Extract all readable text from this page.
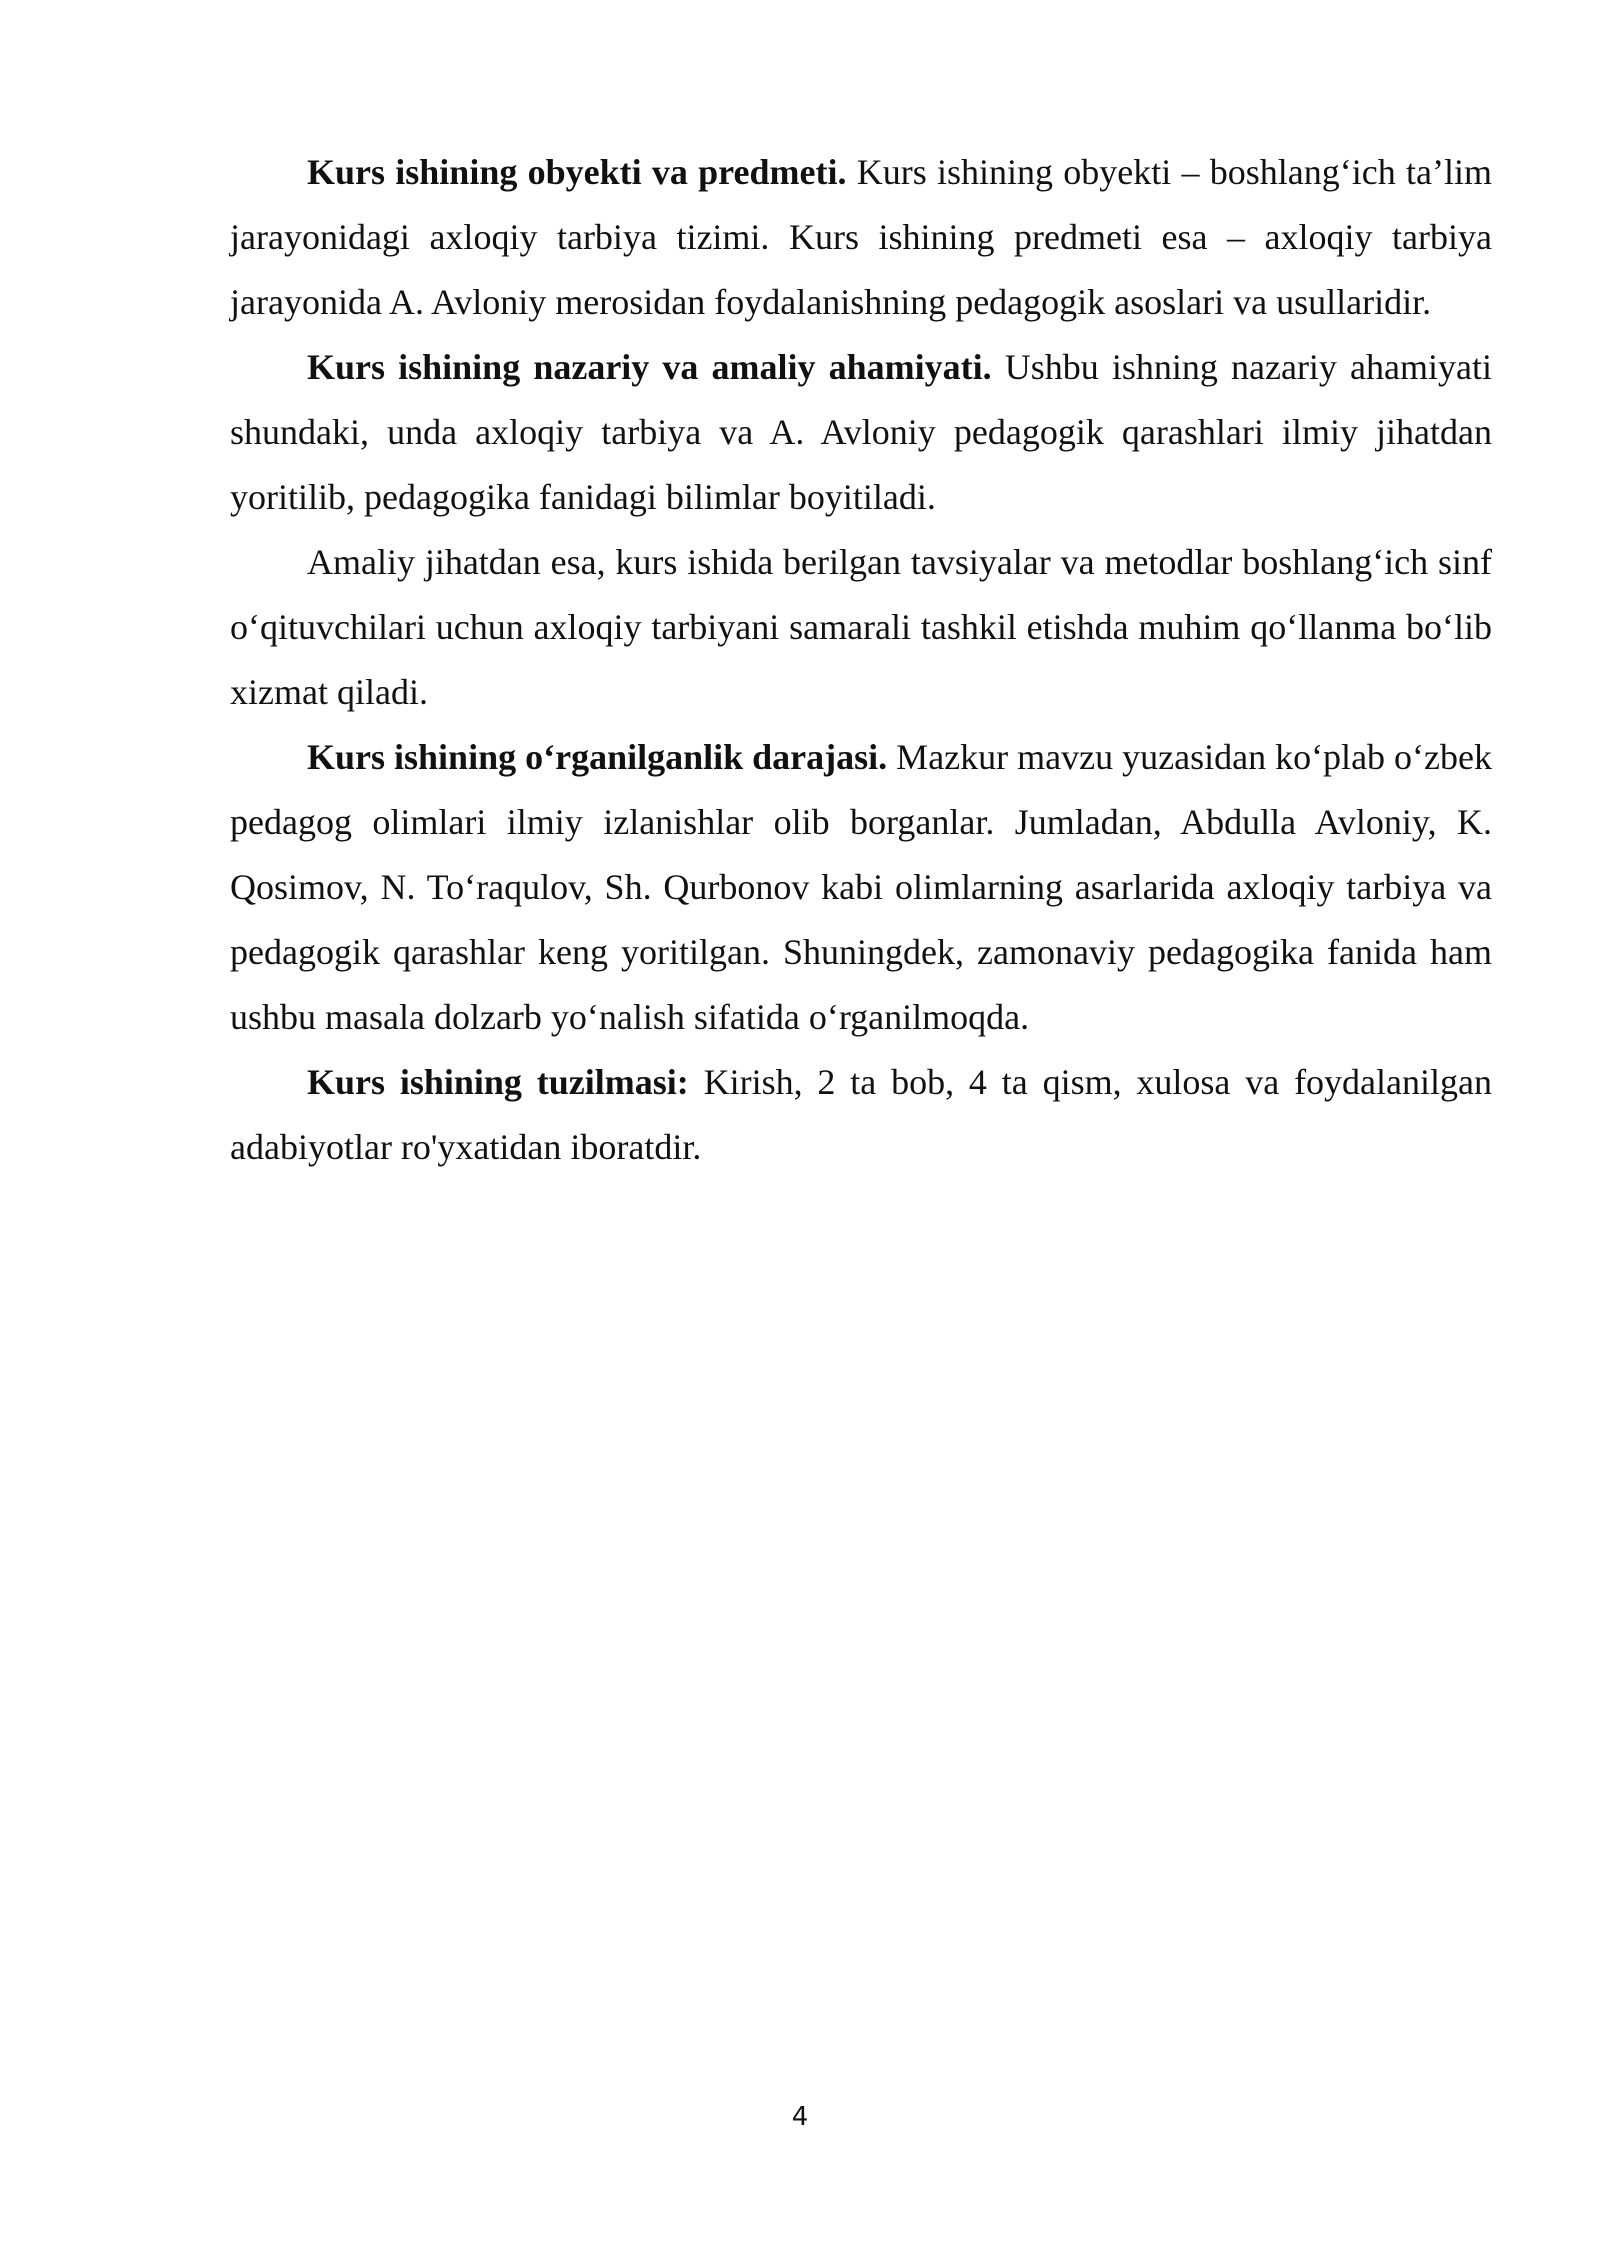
Kurs ishining obyekti va predmeti. Kurs ishining obyekti – boshlang‘ich ta’lim jarayonidagi axloqiy tarbiya tizimi. Kurs ishining predmeti esa – axloqiy tarbiya jarayonida A. Avloniy merosidan foydalanishning pedagogik asoslari va usullaridir.

Kurs ishining nazariy va amaliy ahamiyati. Ushbu ishning nazariy ahamiyati shundaki, unda axloqiy tarbiya va A. Avloniy pedagogik qarashlari ilmiy jihatdan yoritilib, pedagogika fanidagi bilimlar boyitiladi.

Amaliy jihatdan esa, kurs ishida berilgan tavsiyalar va metodlar boshlang‘ich sinf o‘qituvchilari uchun axloqiy tarbiyani samarali tashkil etishda muhim qo‘llanma bo‘lib xizmat qiladi.

Kurs ishining o‘rganilganlik darajasi. Mazkur mavzu yuzasidan ko‘plab o‘zbek pedagog olimlari ilmiy izlanishlar olib borganlar. Jumladan, Abdulla Avloniy, K. Qosimov, N. To‘raqulov, Sh. Qurbonov kabi olimlarning asarlarida axloqiy tarbiya va pedagogik qarashlar keng yoritilgan. Shuningdek, zamonaviy pedagogika fanida ham ushbu masala dolzarb yo‘nalish sifatida o‘rganilmoqda.

Kurs ishining tuzilmasi: Kirish, 2 ta bob, 4 ta qism, xulosa va foydalanilgan adabiyotlar ro'yxatidan iboratdir.

4
